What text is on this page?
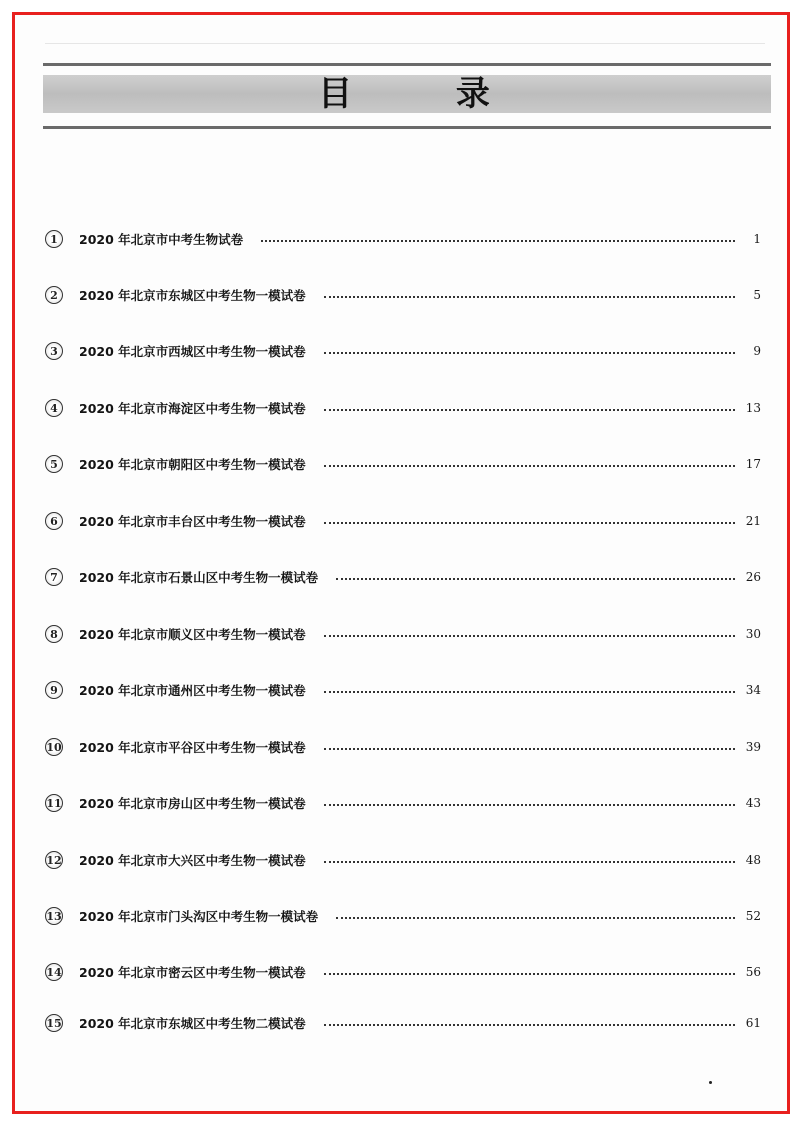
目 录
1	2020 年北京市中考生物试卷	1
2	2020 年北京市东城区中考生物一模试卷	5
3	2020 年北京市西城区中考生物一模试卷	9
4	2020 年北京市海淀区中考生物一模试卷	13
5	2020 年北京市朝阳区中考生物一模试卷	17
6	2020 年北京市丰台区中考生物一模试卷	21
7	2020 年北京市石景山区中考生物一模试卷	26
8	2020 年北京市顺义区中考生物一模试卷	30
9	2020 年北京市通州区中考生物一模试卷	34
10 2020 年北京市平谷区中考生物一模试卷	39
11 2020 年北京市房山区中考生物一模试卷	43
12 2020 年北京市大兴区中考生物一模试卷	48
13 2020 年北京市门头沟区中考生物一模试卷	52
14 2020 年北京市密云区中考生物一模试卷	56
15 2020 年北京市东城区中考生物二模试卷	61
